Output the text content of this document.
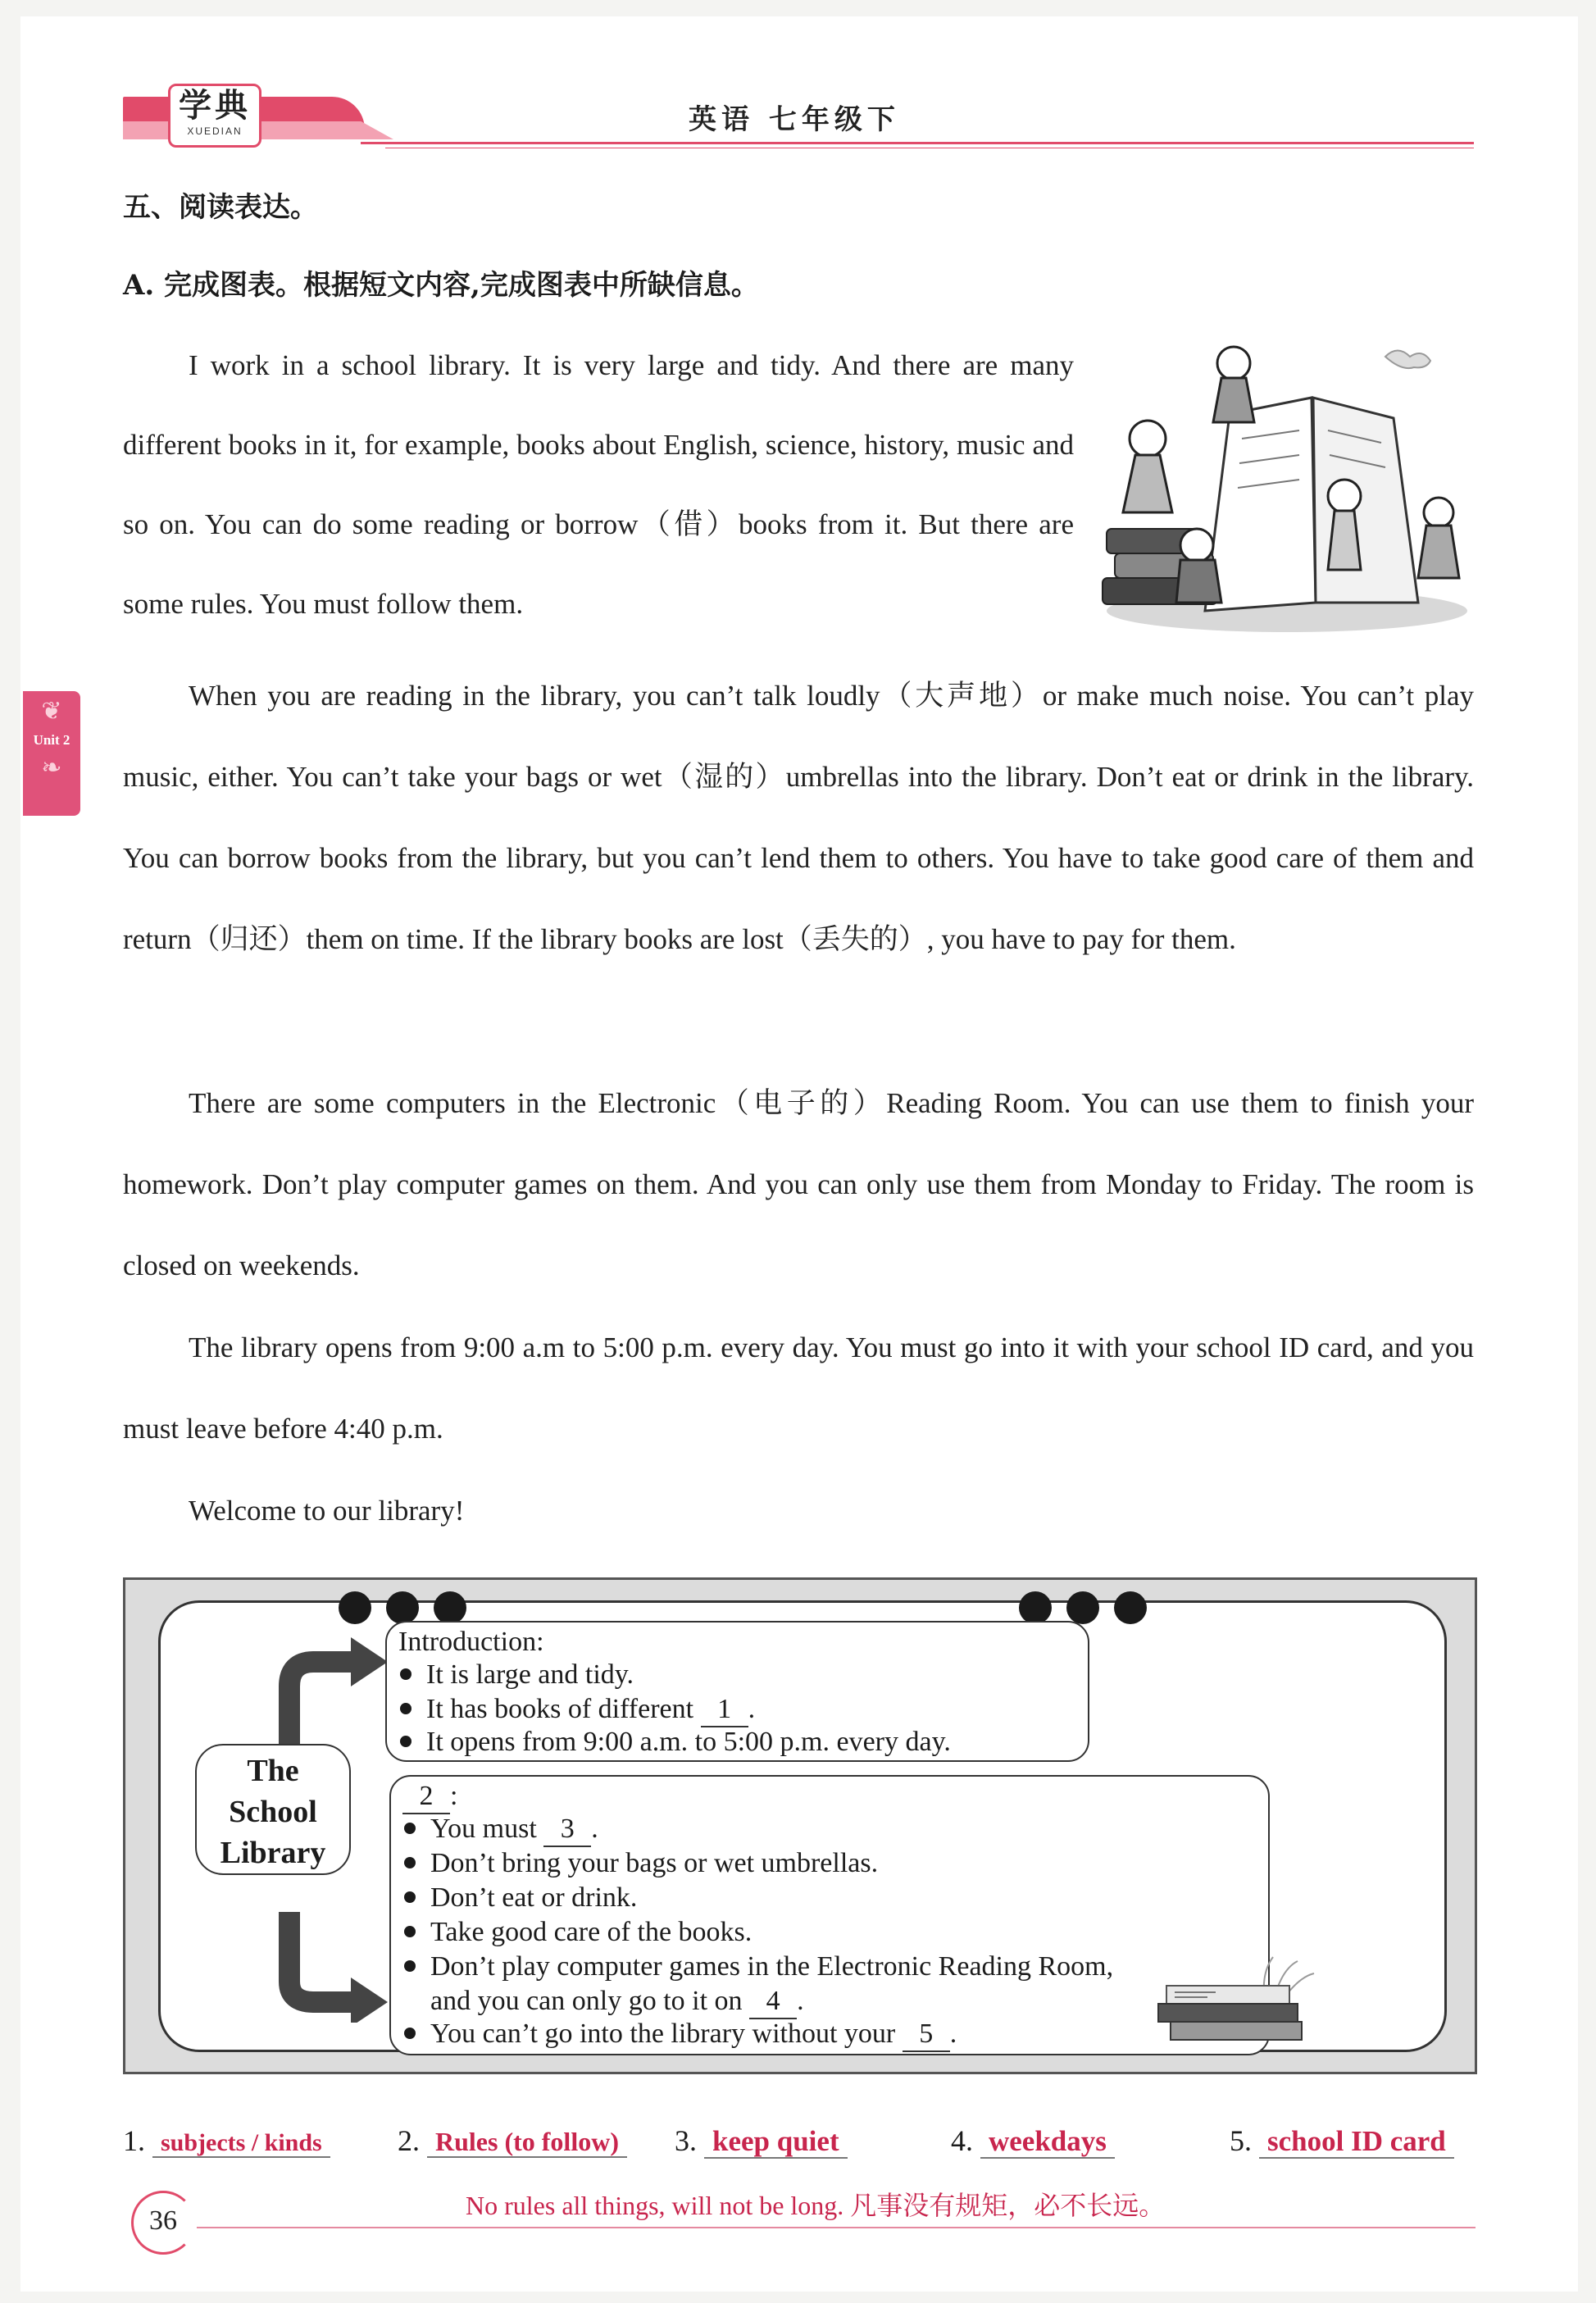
学典
XUEDIAN	英语 七年级下
❦
Unit 2
❧
五、阅读表达。
A. 完成图表。根据短文内容,完成图表中所缺信息。

I work in a school library. It is very large and tidy. And there are many different books in it, for example, books about English, science, history, music and so on. You can do some reading or borrow（借）books from it. But there are some rules. You must follow them.

When you are reading in the library, you can’t talk loudly（大声地）or make much noise. You can’t play music, either. You can’t take your bags or wet（湿的）umbrellas into the library. Don’t eat or drink in the library. You can borrow books from the library, but you can’t lend them to others. You have to take good care of them and return（归还）them on time. If the library books are lost（丢失的）, you have to pay for them.

There are some computers in the Electronic（电子的）Reading Room. You can use them to finish your homework. Don’t play computer games on them. And you can only use them from Monday to Friday. The room is closed on weekends.

The library opens from 9:00 a.m to 5:00 p.m. every day. You must go into it with your school ID card, and you must leave before 4:40 p.m.

Welcome to our library!

The
School
Library
Introduction:
It is large and tidy.
It has books of different 1 .
It opens from 9:00 a.m. to 5:00 p.m. every day.
2 :
You must 3 .
Don’t bring your bags or wet umbrellas.
Don’t eat or drink.
Take good care of the books.
Don’t play computer games in the Electronic Reading Room,
and you can only go to it on 4 .
You can’t go into the library without your 5 .
1. subjects / kinds	2. Rules (to follow) 3. keep quiet	4. weekdays	5. school ID card
36	No rules all things, will not be long. 凡事没有规矩，必不长远。
